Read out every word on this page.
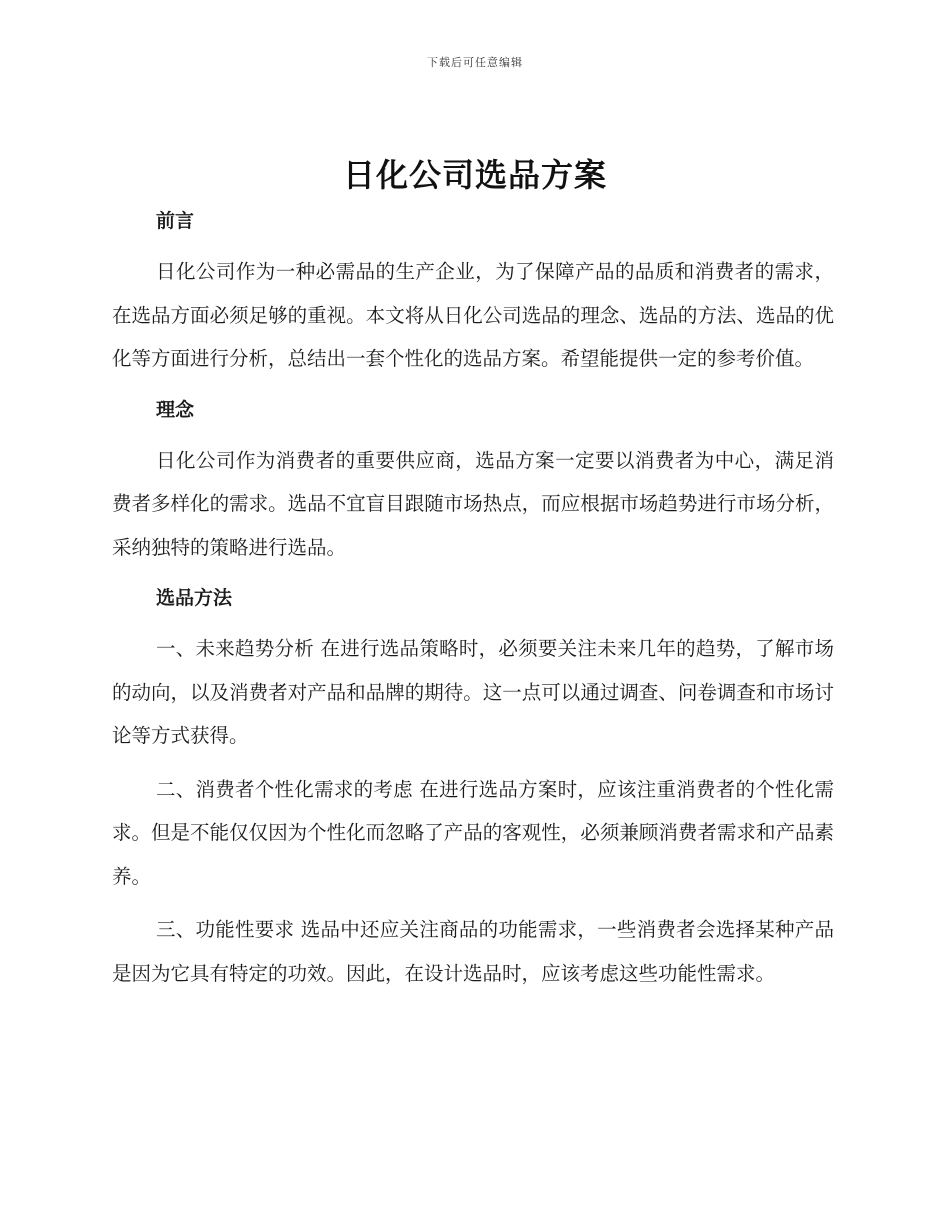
下载后可任意编辑
日化公司选品方案
前言

日化公司作为一种必需品的生产企业，为了保障产品的品质和消费者的需求，在选品方面必须足够的重视。本文将从日化公司选品的理念、选品的方法、选品的优化等方面进行分析，总结出一套个性化的选品方案。希望能提供一定的参考价值。

理念

日化公司作为消费者的重要供应商，选品方案一定要以消费者为中心，满足消费者多样化的需求。选品不宜盲目跟随市场热点，而应根据市场趋势进行市场分析，采纳独特的策略进行选品。

选品方法

一、未来趋势分析 在进行选品策略时，必须要关注未来几年的趋势，了解市场的动向，以及消费者对产品和品牌的期待。这一点可以通过调查、问卷调查和市场讨论等方式获得。

二、消费者个性化需求的考虑 在进行选品方案时，应该注重消费者的个性化需求。但是不能仅仅因为个性化而忽略了产品的客观性，必须兼顾消费者需求和产品素养。

三、功能性要求 选品中还应关注商品的功能需求，一些消费者会选择某种产品是因为它具有特定的功效。因此，在设计选品时，应该考虑这些功能性需求。
